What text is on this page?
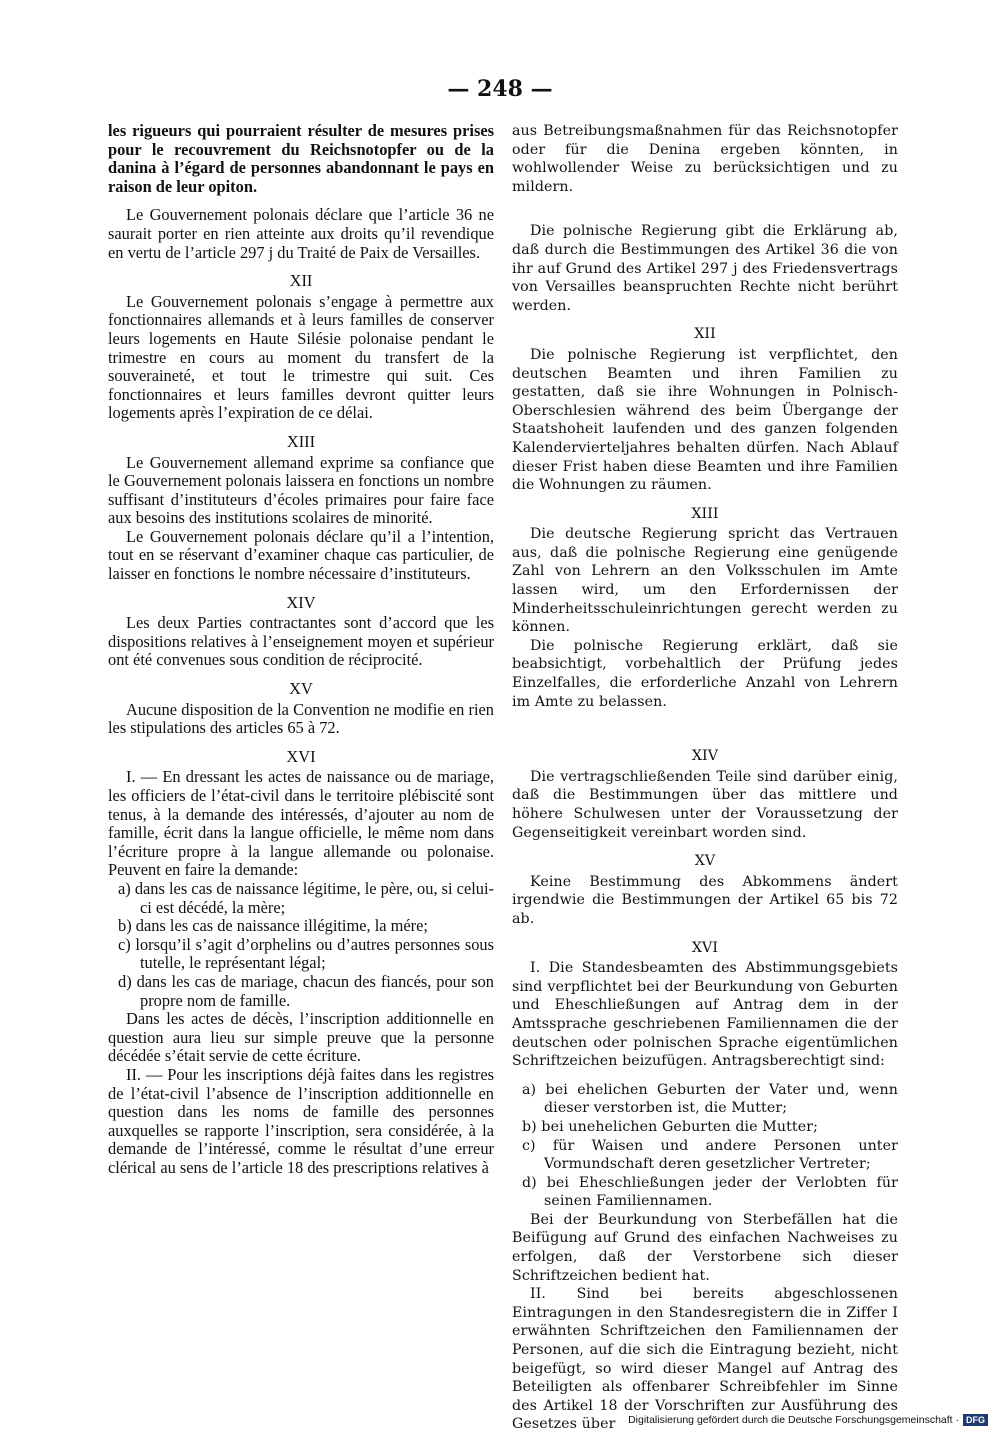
— 248 —

les rigueurs qui pourraient résulter de mesures prises pour le recouvrement du Reichsnotopfer ou de la danina à l’égard de personnes abandonnant le pays en raison de leur opiton.

Le Gouvernement polonais déclare que l’article 36 ne saurait porter en rien atteinte aux droits qu’il revendique en vertu de l’article 297 j du Traité de Paix de Versailles.

XII

Le Gouvernement polonais s’engage à permettre aux fonctionnaires allemands et à leurs familles de conserver leurs logements en Haute Silésie polonaise pendant le trimestre en cours au moment du transfert de la souveraineté, et tout le trimestre qui suit. Ces fonctionnaires et leurs familles devront quitter leurs logements après l’expiration de ce délai.

XIII

Le Gouvernement allemand exprime sa confiance que le Gouvernement polonais laissera en fonctions un nombre suffisant d’instituteurs d’écoles primaires pour faire face aux besoins des institutions scolaires de minorité.

Le Gouvernement polonais déclare qu’il a l’intention, tout en se réservant d’examiner chaque cas particulier, de laisser en fonctions le nombre nécessaire d’instituteurs.

XIV

Les deux Parties contractantes sont d’accord que les dispositions relatives à l’enseignement moyen et supérieur ont été convenues sous condition de réciprocité.

XV

Aucune disposition de la Convention ne modifie en rien les stipulations des articles 65 à 72.

XVI

I. — En dressant les actes de naissance ou de mariage, les officiers de l’état-civil dans le territoire plébiscité sont tenus, à la demande des intéressés, d’ajouter au nom de famille, écrit dans la langue officielle, le même nom dans l’écriture propre à la langue allemande ou polonaise. Peuvent en faire la demande:

a) dans les cas de naissance légitime, le père, ou, si celui-ci est décédé, la mère;
b) dans les cas de naissance illégitime, la mére;
c) lorsqu’il s’agit d’orphelins ou d’autres personnes sous tutelle, le représentant légal;
d) dans les cas de mariage, chacun des fiancés, pour son propre nom de famille.

Dans les actes de décès, l’inscription additionnelle en question aura lieu sur simple preuve que la personne décédée s’était servie de cette écriture.

II. — Pour les inscriptions déjà faites dans les registres de l’état-civil l’absence de l’inscription additionnelle en question dans les noms de famille des personnes auxquelles se rapporte l’inscription, sera considérée, à la demande de l’intéressé, comme le résultat d’une erreur clérical au sens de l’article 18 des prescriptions relatives à

aus Betreibungsmaßnahmen für das Reichsnotopfer oder für die Denina ergeben könnten, in wohlwollender Weise zu berücksichtigen und zu mildern.

Die polnische Regierung gibt die Erklärung ab, daß durch die Bestimmungen des Artikel 36 die von ihr auf Grund des Artikel 297 j des Friedensvertrags von Versailles beanspruchten Rechte nicht berührt werden.

XII

Die polnische Regierung ist verpflichtet, den deutschen Beamten und ihren Familien zu gestatten, daß sie ihre Wohnungen in Polnisch-Oberschlesien während des beim Übergange der Staatshoheit laufenden und des ganzen folgenden Kalendervierteljahres behalten dürfen. Nach Ablauf dieser Frist haben diese Beamten und ihre Familien die Wohnungen zu räumen.

XIII

Die deutsche Regierung spricht das Vertrauen aus, daß die polnische Regierung eine genügende Zahl von Lehrern an den Volksschulen im Amte lassen wird, um den Erfordernissen der Minderheitsschuleinrichtungen gerecht werden zu können.

Die polnische Regierung erklärt, daß sie beabsichtigt, vorbehaltlich der Prüfung jedes Einzelfalles, die erforderliche Anzahl von Lehrern im Amte zu belassen.

XIV

Die vertragschließenden Teile sind darüber einig, daß die Bestimmungen über das mittlere und höhere Schulwesen unter der Voraussetzung der Gegenseitigkeit vereinbart worden sind.

XV

Keine Bestimmung des Abkommens ändert irgendwie die Bestimmungen der Artikel 65 bis 72 ab.

XVI

I. Die Standesbeamten des Abstimmungsgebiets sind verpflichtet bei der Beurkundung von Geburten und Eheschließungen auf Antrag dem in der Amtssprache geschriebenen Familiennamen die der deutschen oder polnischen Sprache eigentümlichen Schriftzeichen beizufügen. Antragsberechtigt sind:

a) bei ehelichen Geburten der Vater und, wenn dieser verstorben ist, die Mutter;
b) bei unehelichen Geburten die Mutter;
c) für Waisen und andere Personen unter Vormundschaft deren gesetzlicher Vertreter;
d) bei Eheschließungen jeder der Verlobten für seinen Familiennamen.

Bei der Beurkundung von Sterbefällen hat die Beifügung auf Grund des einfachen Nachweises zu erfolgen, daß der Verstorbene sich dieser Schriftzeichen bedient hat.

II. Sind bei bereits abgeschlossenen Eintragungen in den Standesregistern die in Ziffer I erwähnten Schriftzeichen den Familiennamen der Personen, auf die sich die Eintragung bezieht, nicht beigefügt, so wird dieser Mangel auf Antrag des Beteiligten als offenbarer Schreibfehler im Sinne des Artikel 18 der Vorschriften zur Ausführung des Gesetzes über	Digitalisierung gefördert durch die Deutsche Forschungsgemeinschaft · DFG
